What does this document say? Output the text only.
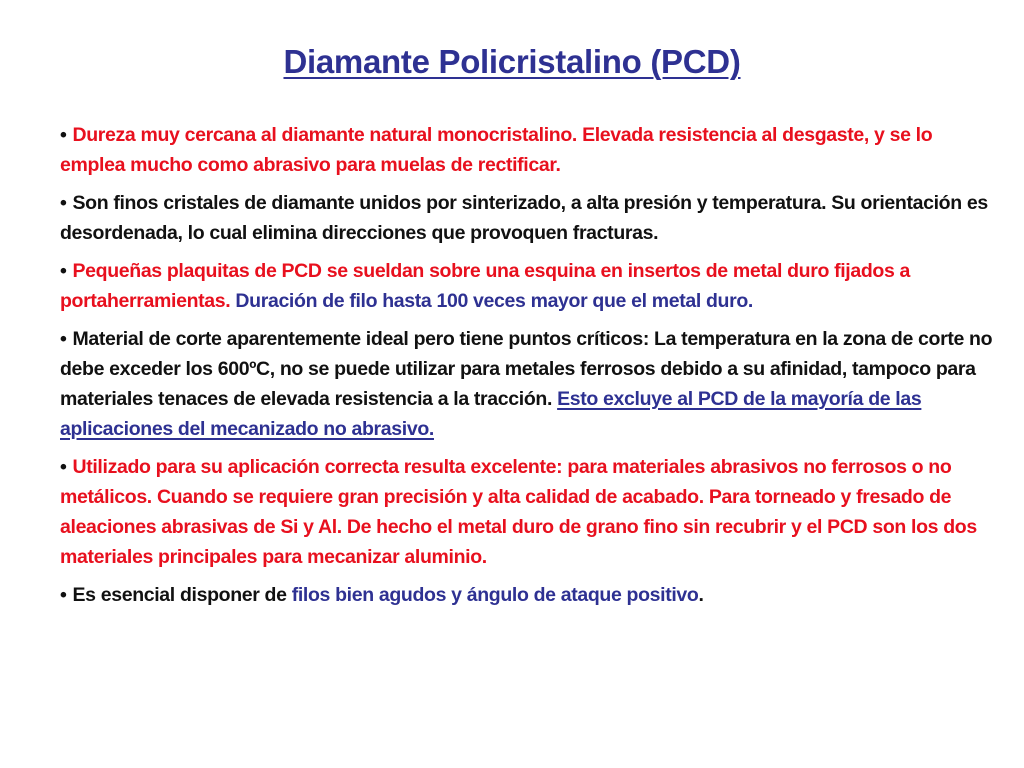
Diamante Policristalino (PCD)
• Dureza muy cercana al diamante natural monocristalino. Elevada resistencia al desgaste, y se lo emplea mucho como abrasivo para muelas de rectificar.
• Son finos cristales de diamante unidos por sinterizado, a alta presión y temperatura. Su orientación es desordenada, lo cual elimina direcciones que provoquen fracturas.
• Pequeñas plaquitas de PCD se sueldan sobre una esquina en insertos de metal duro fijados a portaherramientas. Duración de filo hasta 100 veces mayor que el metal duro.
• Material de corte aparentemente ideal pero tiene puntos críticos: La temperatura en la zona de corte no debe exceder los 600ºC, no se puede utilizar para metales ferrosos debido a su afinidad, tampoco para materiales tenaces de elevada resistencia a la tracción. Esto excluye al PCD de la mayoría de las aplicaciones del mecanizado no abrasivo.
• Utilizado para su aplicación correcta resulta excelente: para materiales abrasivos no ferrosos o no metálicos. Cuando se requiere gran precisión y alta calidad de acabado. Para torneado y fresado de aleaciones abrasivas de Si y Al. De hecho el metal duro de grano fino sin recubrir y el PCD son los dos materiales principales para mecanizar aluminio.
• Es esencial disponer de filos bien agudos y ángulo de ataque positivo.
